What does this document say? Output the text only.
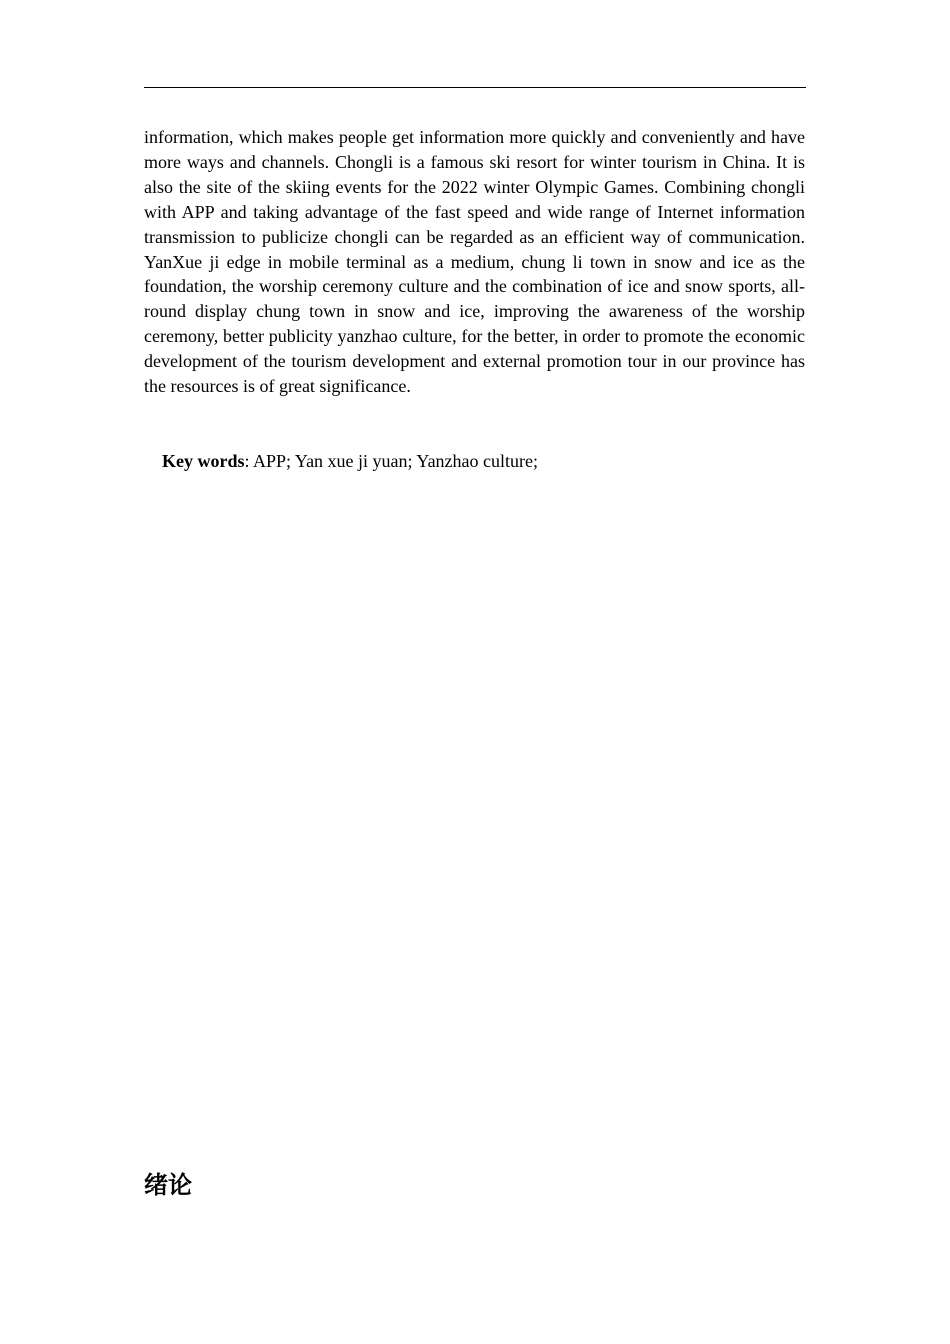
information, which makes people get information more quickly and conveniently and have more ways and channels. Chongli is a famous ski resort for winter tourism in China. It is also the site of the skiing events for the 2022 winter Olympic Games. Combining chongli with APP and taking advantage of the fast speed and wide range of Internet information transmission to publicize chongli can be regarded as an efficient way of communication. YanXue ji edge in mobile terminal as a medium, chung li town in snow and ice as the foundation, the worship ceremony culture and the combination of ice and snow sports, all-round display chung town in snow and ice, improving the awareness of the worship ceremony, better publicity yanzhao culture, for the better, in order to promote the economic development of the tourism development and external promotion tour in our province has the resources is of great significance.

Key words: APP; Yan xue ji yuan; Yanzhao culture;

绪论
